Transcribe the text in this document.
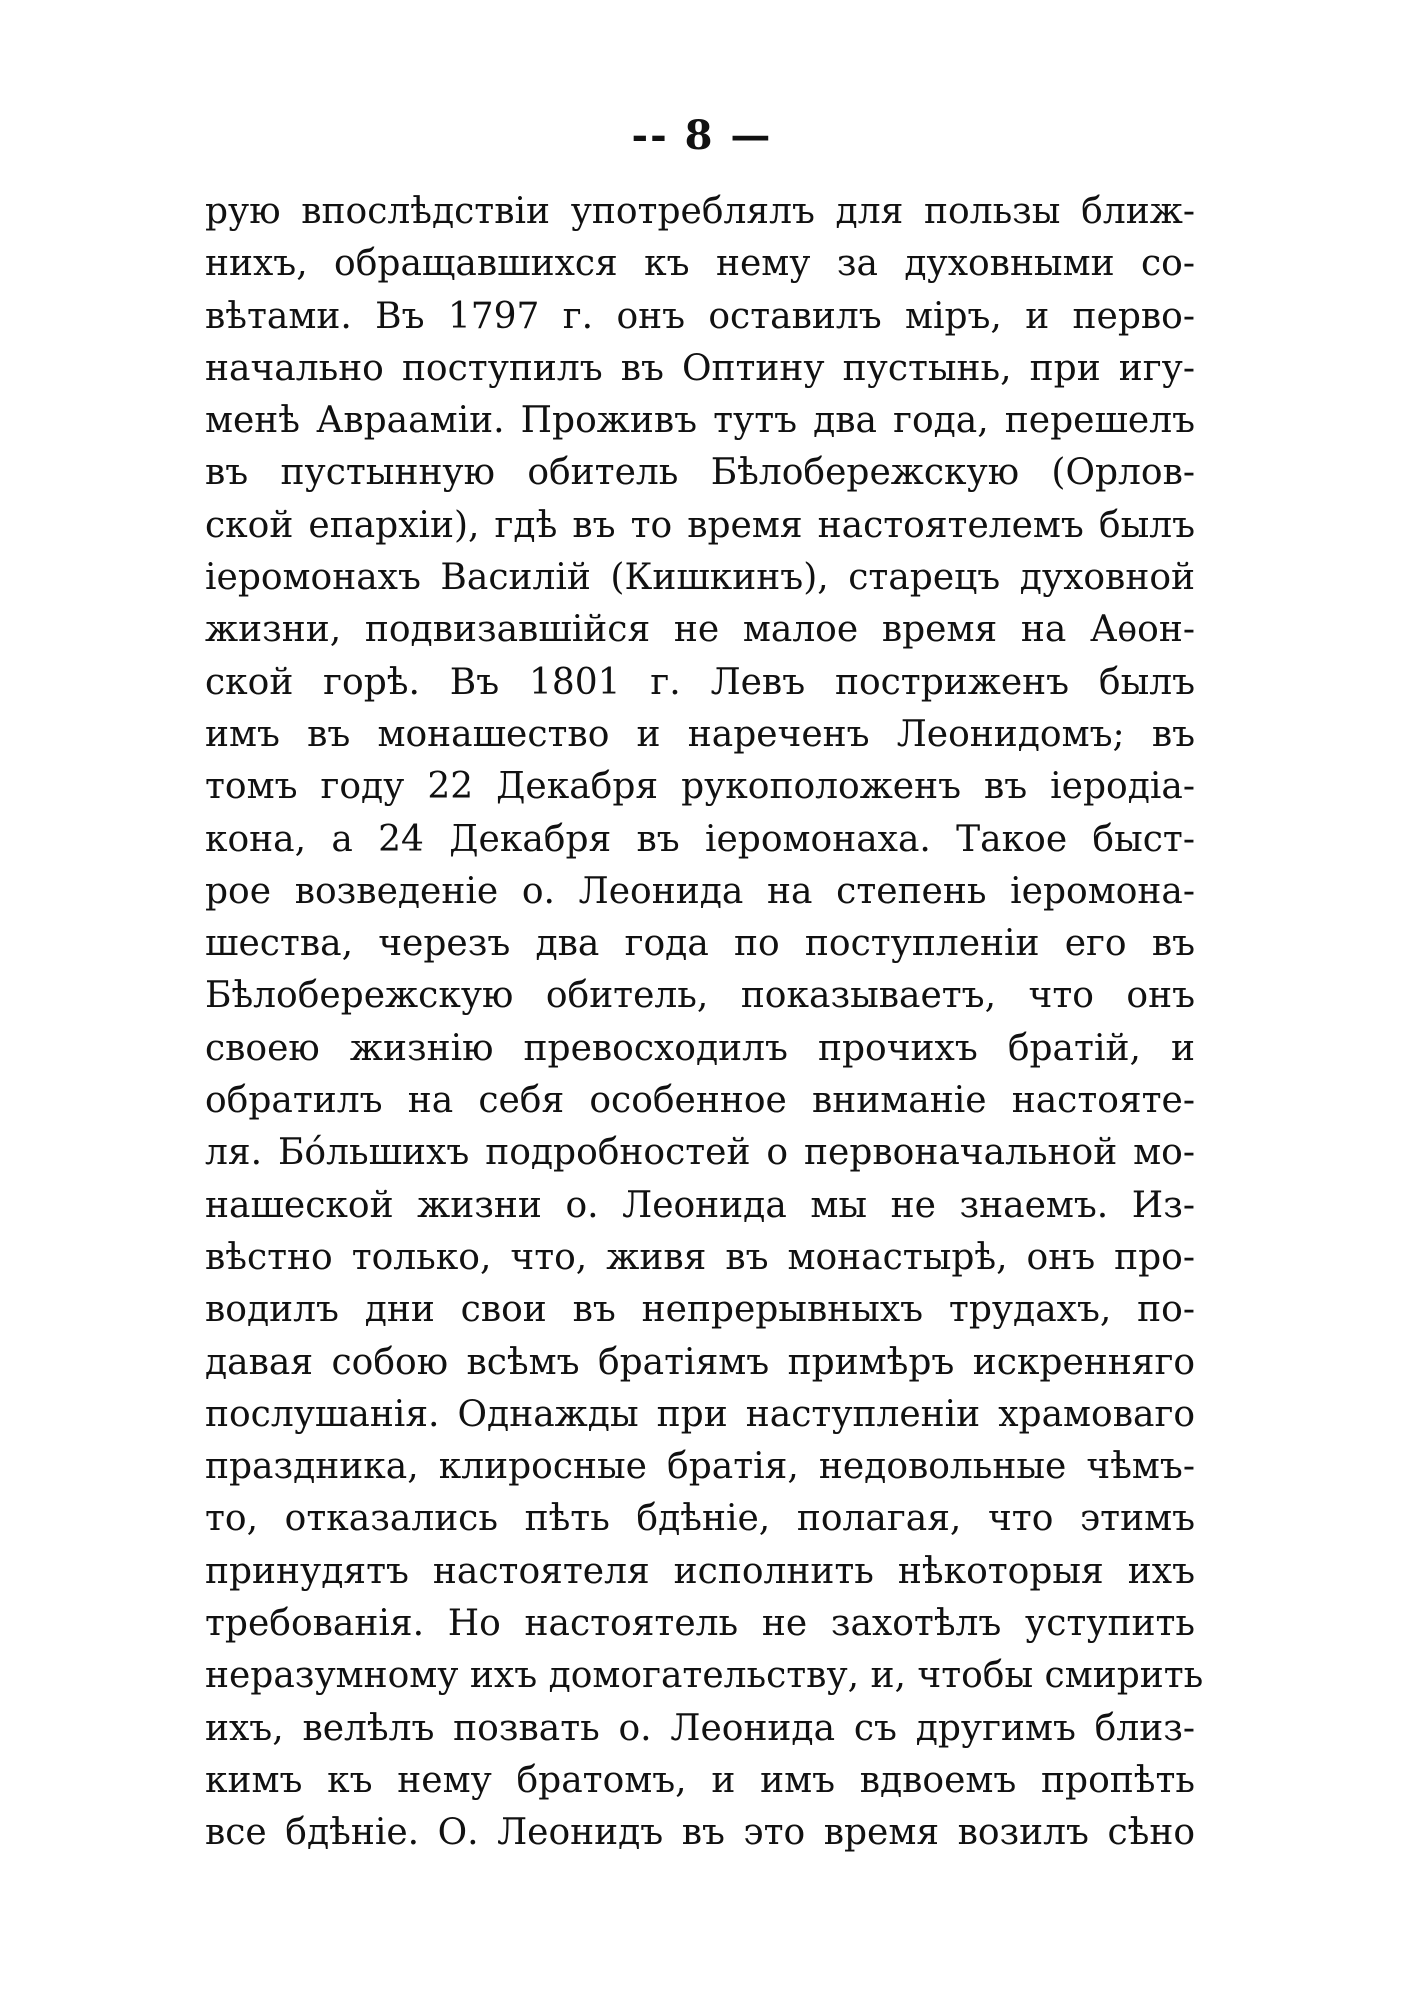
-- 8 —
рую впослѣдствіи употреблялъ для пользы ближ-
нихъ, обращавшихся къ нему за духовными со-
вѣтами. Въ 1797 г. онъ оставилъ міръ, и перво-
начально поступилъ въ Оптину пустынь, при игу-
менѣ Аврааміи. Проживъ тутъ два года, перешелъ
въ пустынную обитель Бѣлобережскую (Орлов-
ской епархіи), гдѣ въ то время настоятелемъ былъ
іеромонахъ Василій (Кишкинъ), старецъ духовной
жизни, подвизавшійся не малое время на Аѳон-
ской горѣ. Въ 1801 г. Левъ постриженъ былъ
имъ въ монашество и нареченъ Леонидомъ; въ
томъ году 22 Декабря рукоположенъ въ іеродіа-
кона, а 24 Декабря въ іеромонаха. Такое быст-
рое возведеніе о. Леонида на степень іеромона-
шества, черезъ два года по поступленіи его въ
Бѣлобережскую обитель, показываетъ, что онъ
своею жизнію превосходилъ прочихъ братій, и
обратилъ на себя особенное вниманіе настояте-
ля. Бо́льшихъ подробностей о первоначальной мо-
нашеской жизни о. Леонида мы не знаемъ. Из-
вѣстно только, что, живя въ монастырѣ, онъ про-
водилъ дни свои въ непрерывныхъ трудахъ, по-
давая собою всѣмъ братіямъ примѣръ искренняго
послушанія. Однажды при наступленіи храмоваго
праздника, клиросные братія, недовольные чѣмъ-
то, отказались пѣть бдѣніе, полагая, что этимъ
принудятъ настоятеля исполнить нѣкоторыя ихъ
требованія. Но настоятель не захотѣлъ уступить
неразумному ихъ домогательству, и, чтобы смирить
ихъ, велѣлъ позвать о. Леонида съ другимъ близ-
кимъ къ нему братомъ, и имъ вдвоемъ пропѣть
все бдѣніе. О. Леонидъ въ это время возилъ сѣно
